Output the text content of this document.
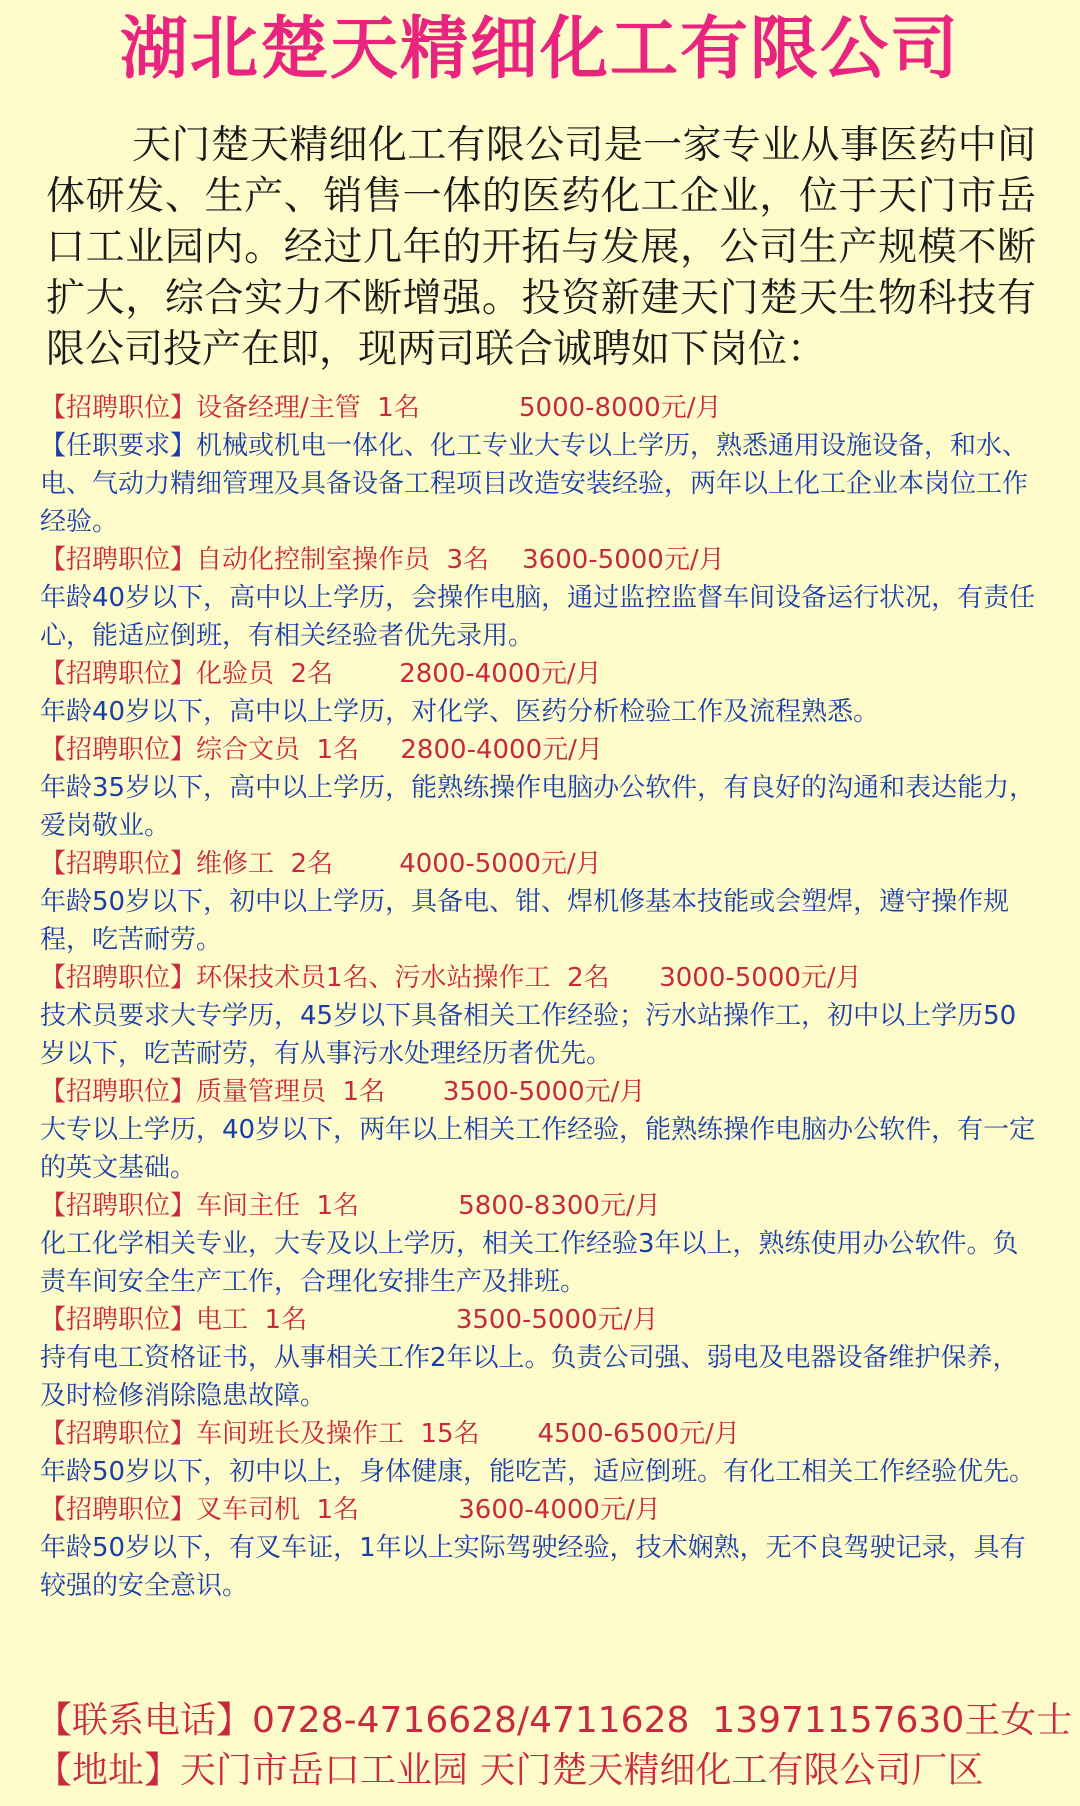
湖北楚天精细化工有限公司
天门楚天精细化工有限公司是一家专业从事医药中间体研发、生产、销售一体的医药化工企业，位于天门市岳口工业园内。经过几年的开拓与发展，公司生产规模不断扩大，综合实力不断增强。投资新建天门楚天生物科技有限公司投产在即，现两司联合诚聘如下岗位：
【招聘职位】设备经理/主管  1名            5000-8000元/月
【任职要求】机械或机电一体化、化工专业大专以上学历，熟悉通用设施设备，和水、电、气动力精细管理及具备设备工程项目改造安装经验，两年以上化工企业本岗位工作经验。
【招聘职位】自动化控制室操作员  3名    3600-5000元/月
年龄40岁以下，高中以上学历，会操作电脑，通过监控监督车间设备运行状况，有责任心，能适应倒班，有相关经验者优先录用。
【招聘职位】化验员  2名        2800-4000元/月
年龄40岁以下，高中以上学历，对化学、医药分析检验工作及流程熟悉。
【招聘职位】综合文员  1名     2800-4000元/月
年龄35岁以下，高中以上学历，能熟练操作电脑办公软件，有良好的沟通和表达能力，爱岗敬业。
【招聘职位】维修工  2名        4000-5000元/月
年龄50岁以下，初中以上学历，具备电、钳、焊机修基本技能或会塑焊，遵守操作规程，吃苦耐劳。
【招聘职位】环保技术员1名、污水站操作工  2名      3000-5000元/月
技术员要求大专学历，45岁以下具备相关工作经验；污水站操作工，初中以上学历50岁以下，吃苦耐劳，有从事污水处理经历者优先。
【招聘职位】质量管理员  1名       3500-5000元/月
大专以上学历，40岁以下，两年以上相关工作经验，能熟练操作电脑办公软件，有一定的英文基础。
【招聘职位】车间主任  1名            5800-8300元/月
化工化学相关专业，大专及以上学历，相关工作经验3年以上，熟练使用办公软件。负责车间安全生产工作，合理化安排生产及排班。
【招聘职位】电工  1名                  3500-5000元/月
持有电工资格证书，从事相关工作2年以上。负责公司强、弱电及电器设备维护保养，及时检修消除隐患故障。
【招聘职位】车间班长及操作工  15名       4500-6500元/月
年龄50岁以下，初中以上，身体健康，能吃苦，适应倒班。有化工相关工作经验优先。
【招聘职位】叉车司机  1名            3600-4000元/月
年龄50岁以下，有叉车证，1年以上实际驾驶经验，技术娴熟，无不良驾驶记录，具有较强的安全意识。
【联系电话】0728-4716628/4711628  13971157630王女士
【地址】天门市岳口工业园 天门楚天精细化工有限公司厂区
